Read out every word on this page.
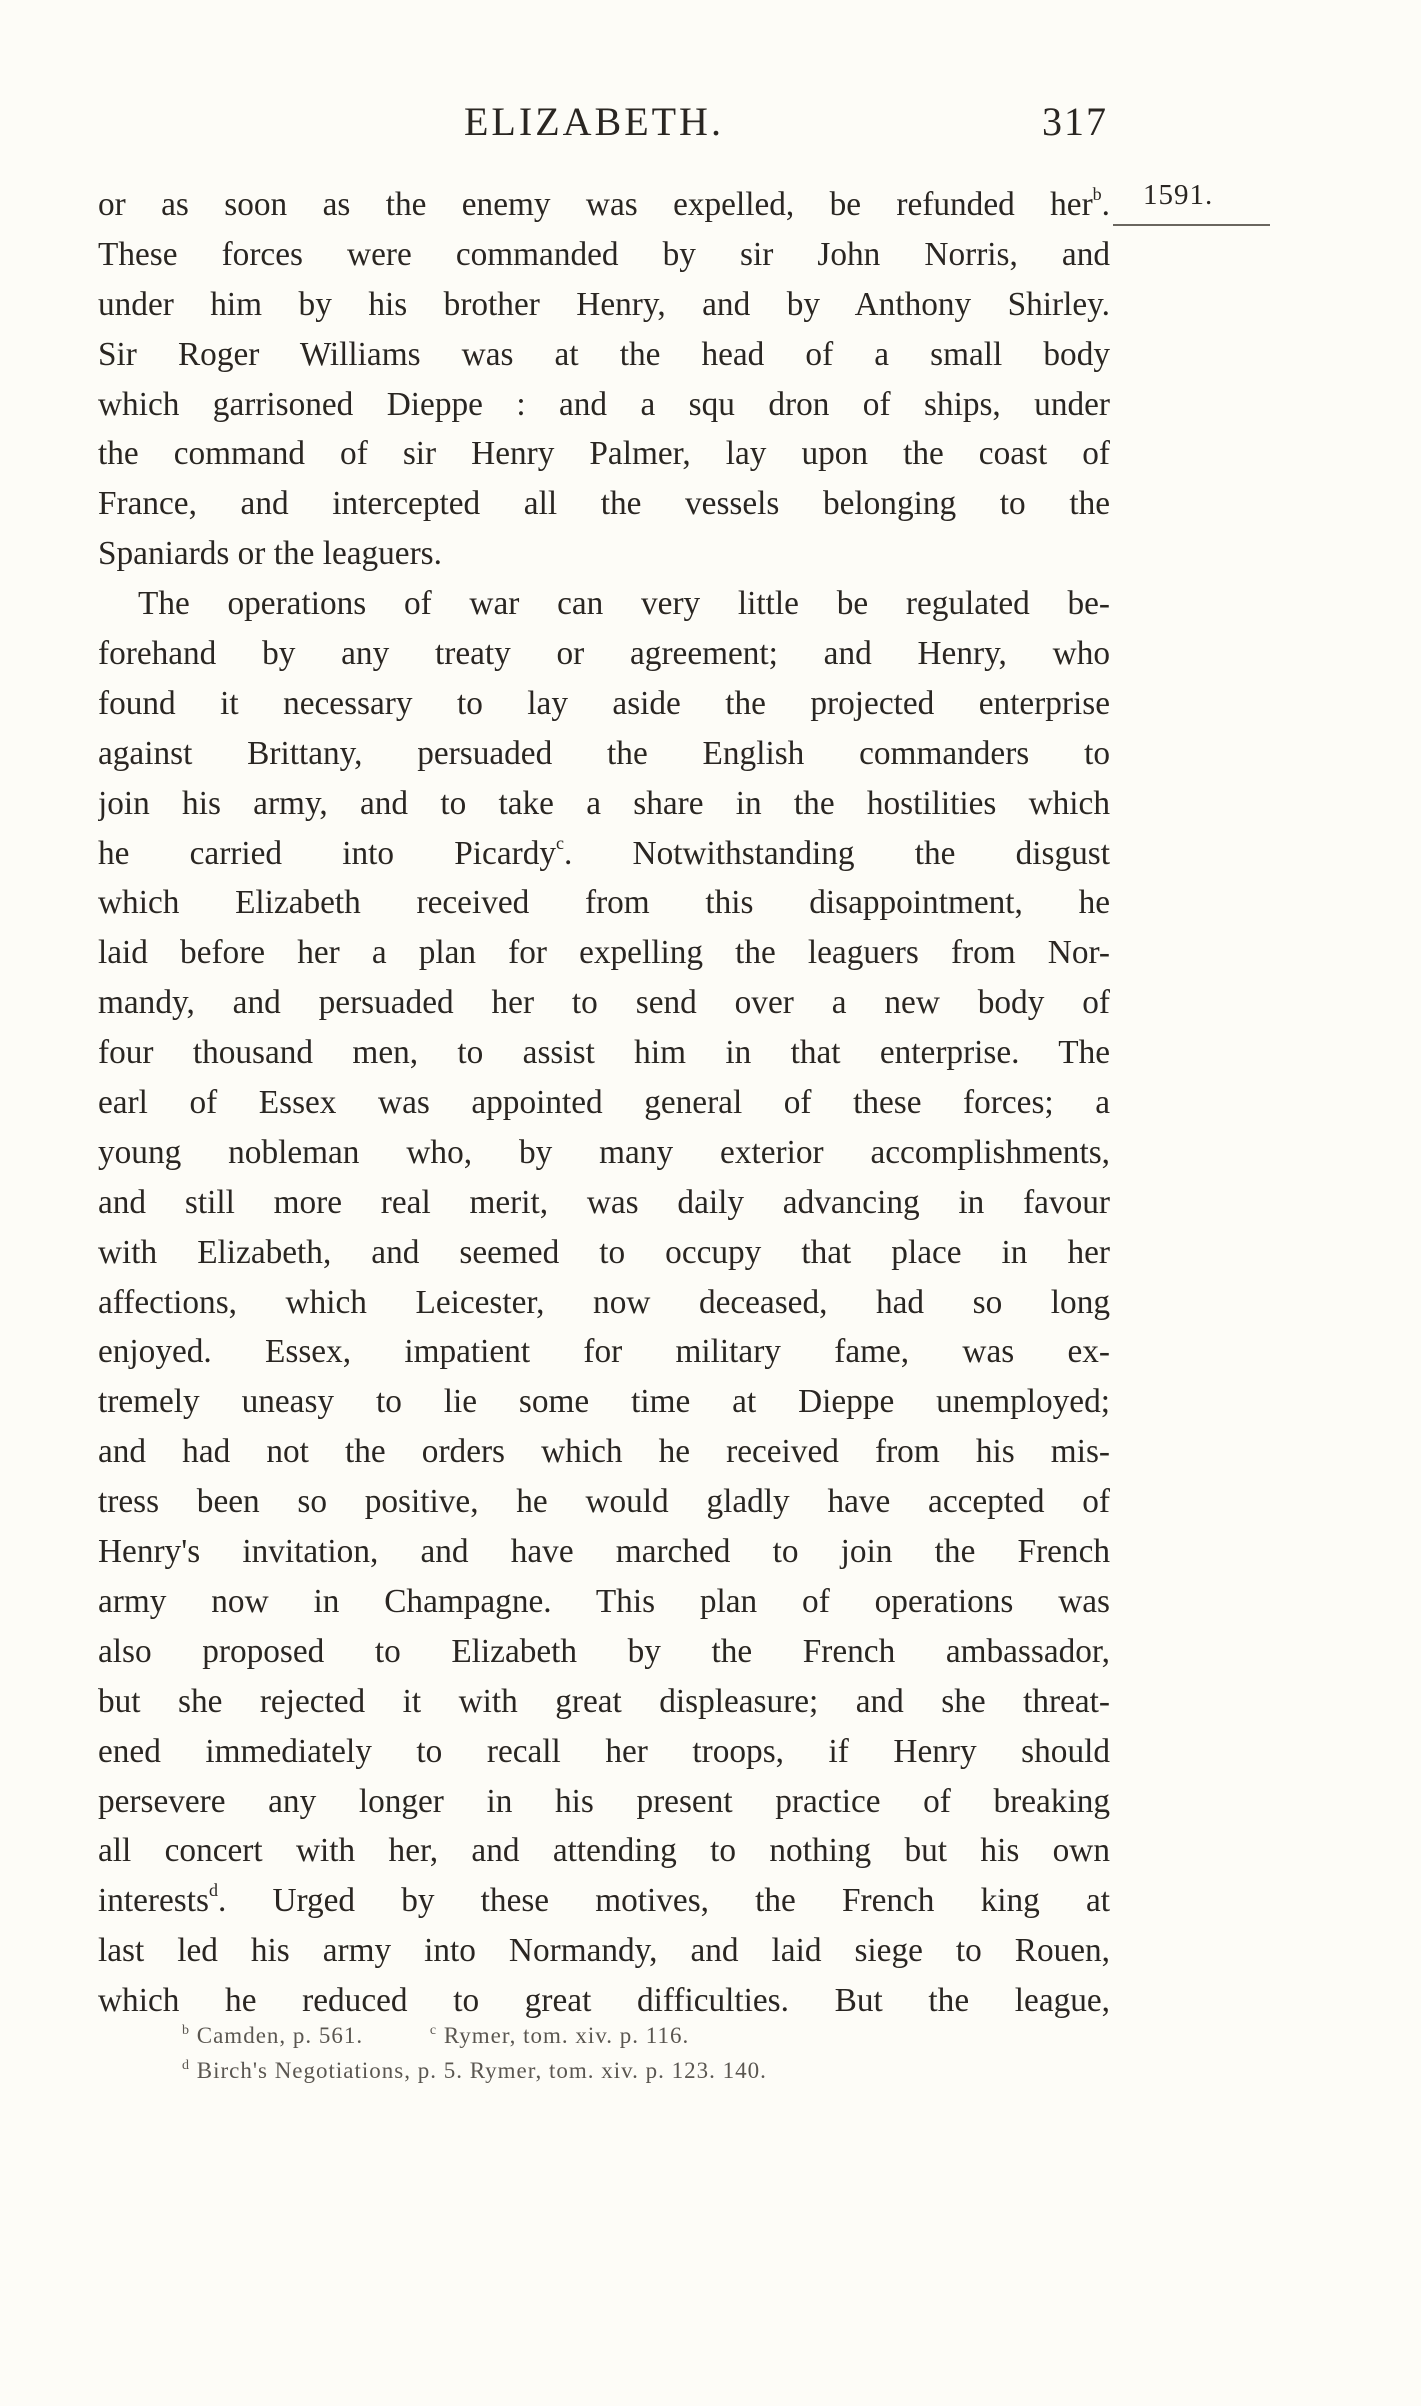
ELIZABETH.	317
1591.
or as soon as the enemy was expelled, be refunded her$^b$.
These forces were commanded by sir John Norris, and
under him by his brother Henry, and by Anthony Shirley.
Sir Roger Williams was at the head of a small body
which garrisoned Dieppe : and a squ dron of ships, under
the command of sir Henry Palmer, lay upon the coast of
France, and intercepted all the vessels belonging to the
Spaniards or the leaguers.
The operations of war can very little be regulated be-
forehand by any treaty or agreement; and Henry, who
found it necessary to lay aside the projected enterprise
against Brittany, persuaded the English commanders to
join his army, and to take a share in the hostilities which
he carried into Picardy$^c$. Notwithstanding the disgust
which Elizabeth received from this disappointment, he
laid before her a plan for expelling the leaguers from Nor-
mandy, and persuaded her to send over a new body of
four thousand men, to assist him in that enterprise. The
earl of Essex was appointed general of these forces; a
young nobleman who, by many exterior accomplishments,
and still more real merit, was daily advancing in favour
with Elizabeth, and seemed to occupy that place in her
affections, which Leicester, now deceased, had so long
enjoyed. Essex, impatient for military fame, was ex-
tremely uneasy to lie some time at Dieppe unemployed;
and had not the orders which he received from his mis-
tress been so positive, he would gladly have accepted of
Henry's invitation, and have marched to join the French
army now in Champagne. This plan of operations was
also proposed to Elizabeth by the French ambassador,
but she rejected it with great displeasure; and she threat-
ened immediately to recall her troops, if Henry should
persevere any longer in his present practice of breaking
all concert with her, and attending to nothing but his own
interests$^d$. Urged by these motives, the French king at
last led his army into Normandy, and laid siege to Rouen,
which he reduced to great difficulties. But the league,
$^b$ Camden, p. 561.	$^c$ Rymer, tom. xiv. p. 116.
$^d$ Birch's Negotiations, p. 5. Rymer, tom. xiv. p. 123. 140.
